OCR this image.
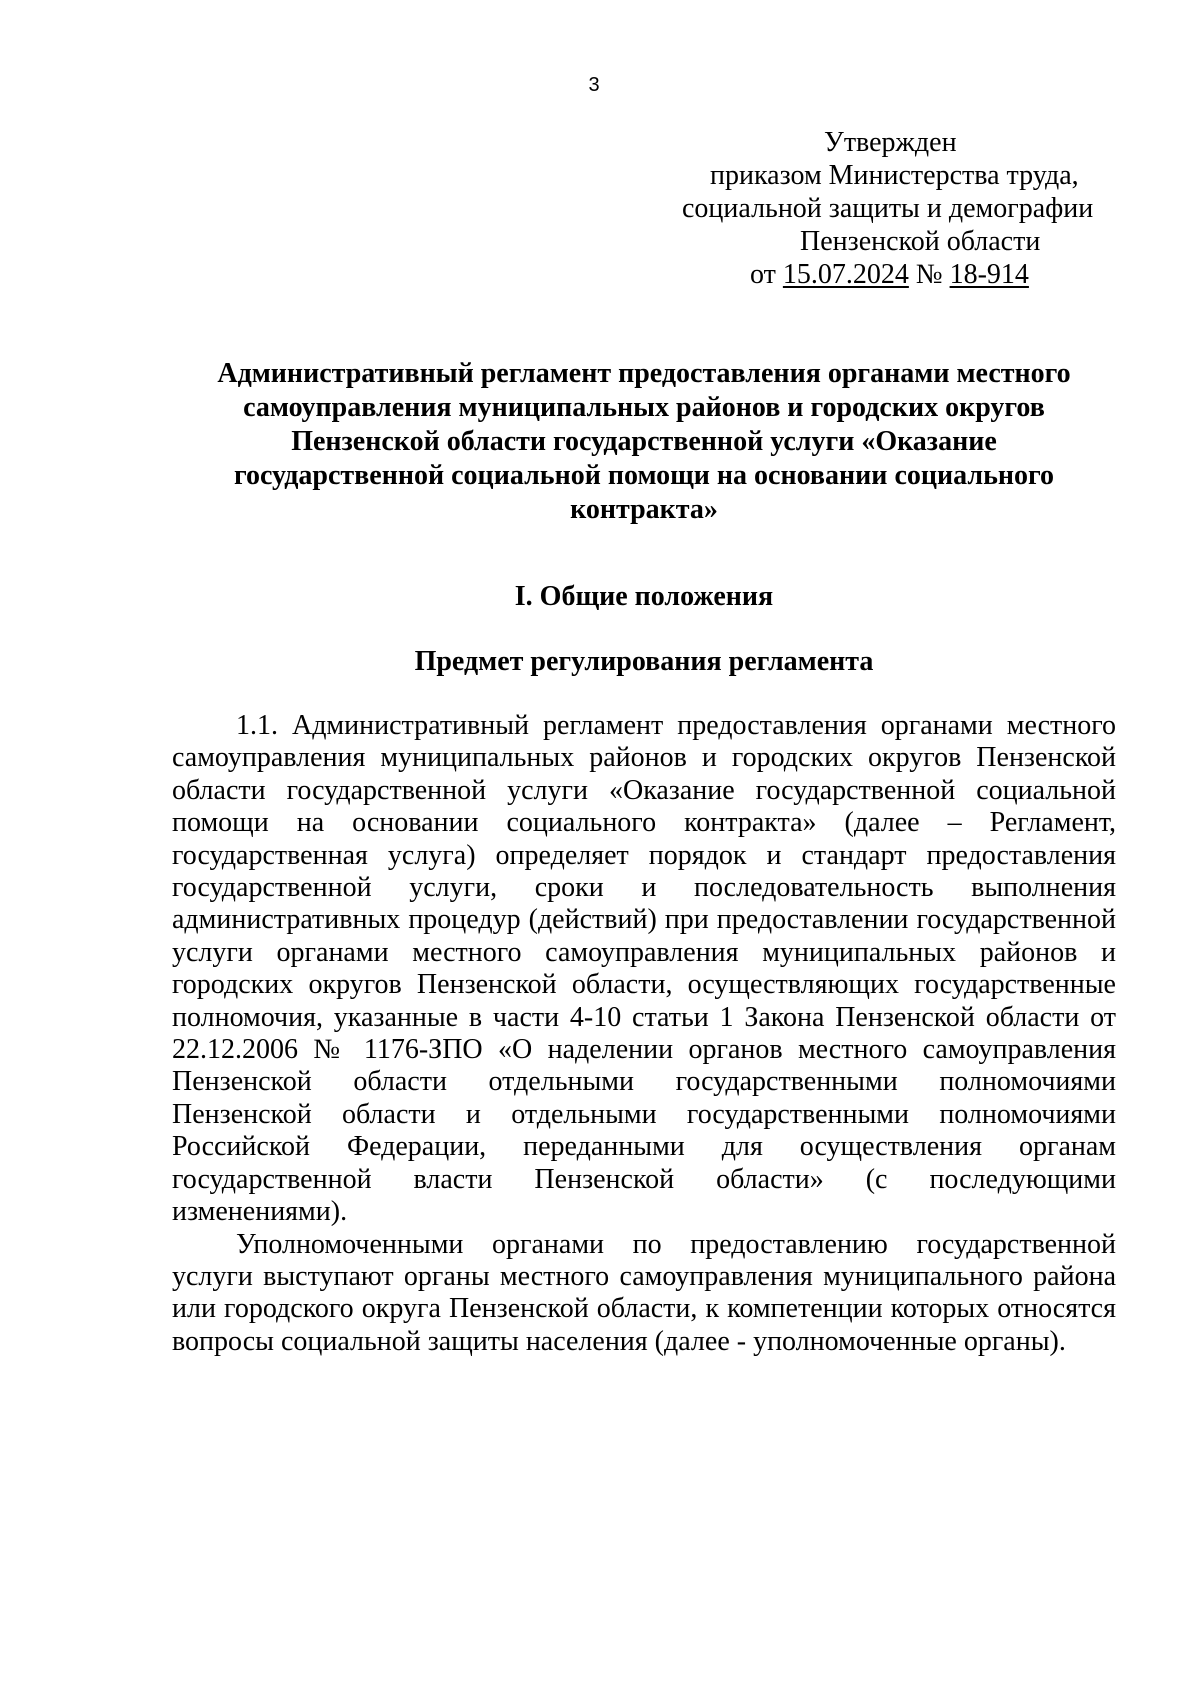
3
Утвержден
приказом Министерства труда,
социальной защиты и демографии
Пензенской области
от 15.07.2024 № 18-914
Административный регламент предоставления органами местного
самоуправления муниципальных районов и городских округов
Пензенской области государственной услуги «Оказание
государственной социальной помощи на основании социального
контракта»
I. Общие положения
Предмет регулирования регламента

1.1. Административный регламент предоставления органами местного самоуправления муниципальных районов и городских округов Пензенской области государственной услуги «Оказание государственной социальной помощи на основании социального контракта» (далее – Регламент, государственная услуга) определяет порядок и стандарт предоставления государственной услуги, сроки и последовательность выполнения административных процедур (действий) при предоставлении государственной услуги органами местного самоуправления муниципальных районов и городских округов Пензенской области, осуществляющих государственные полномочия, указанные в части 4-10 статьи 1 Закона Пензенской области от 22.12.2006 № 1176-ЗПО «О наделении органов местного самоуправления Пензенской области отдельными государственными полномочиями Пензенской области и отдельными государственными полномочиями Российской Федерации, переданными для осуществления органам государственной власти Пензенской области» (с последующими изменениями).

Уполномоченными органами по предоставлению государственной услуги выступают органы местного самоуправления муниципального района или городского округа Пензенской области, к компетенции которых относятся вопросы социальной защиты населения (далее - уполномоченные органы).
